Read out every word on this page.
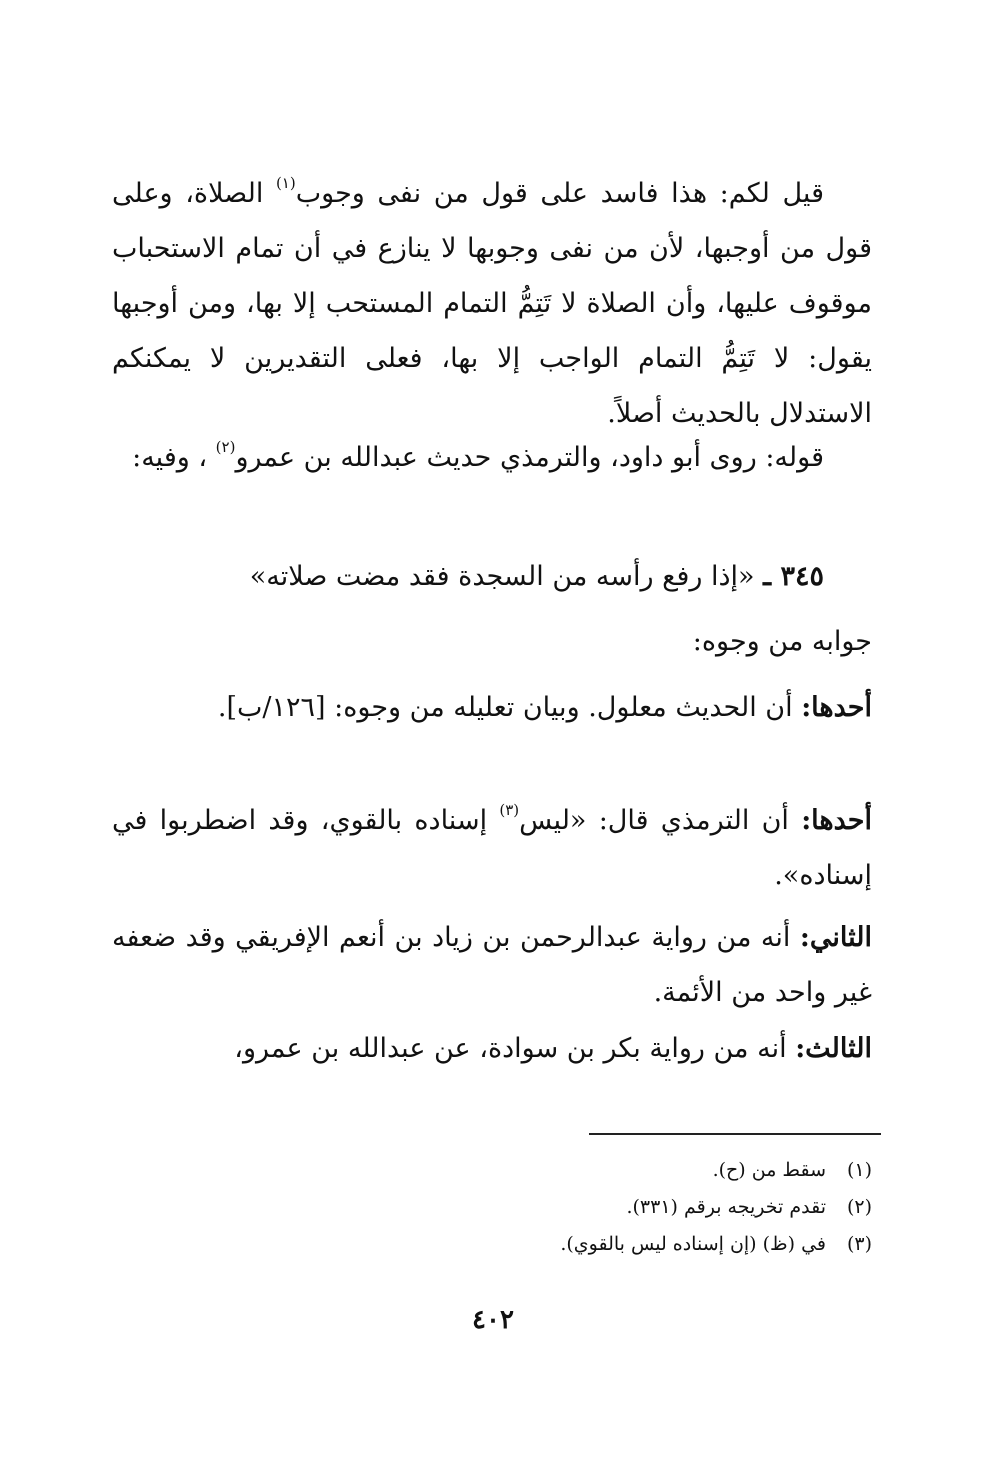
قيل لكم: هذا فاسد على قول من نفى وجوب$^{(١)}$ الصلاة، وعلى قول من أوجبها، لأن من نفى وجوبها لا ينازع في أن تمام الاستحباب موقوف عليها، وأن الصلاة لا تَتِمُّ التمام المستحب إلا بها، ومن أوجبها يقول: لا تَتِمُّ التمام الواجب إلا بها، فعلى التقديرين لا يمكنكم الاستدلال بالحديث أصلاً.

قوله: روى أبو داود، والترمذي حديث عبدالله بن عمرو$^{(٢)}$ ، وفيه:

٣٤٥ ـ «إذا رفع رأسه من السجدة فقد مضت صلاته»

جوابه من وجوه:

أحدها: أن الحديث معلول. وبيان تعليله من وجوه: [١٢٦/ب].

أحدها: أن الترمذي قال: «ليس$^{(٣)}$ إسناده بالقوي، وقد اضطربوا في إسناده».

الثاني: أنه من رواية عبدالرحمن بن زياد بن أنعم الإفريقي وقد ضعفه غير واحد من الأئمة.

الثالث: أنه من رواية بكر بن سوادة، عن عبدالله بن عمرو،

(١)سقط من (ح).

(٢)تقدم تخريجه برقم (٣٣١).

(٣)في (ظ) (إن إسناده ليس بالقوي).

٤٠٢
